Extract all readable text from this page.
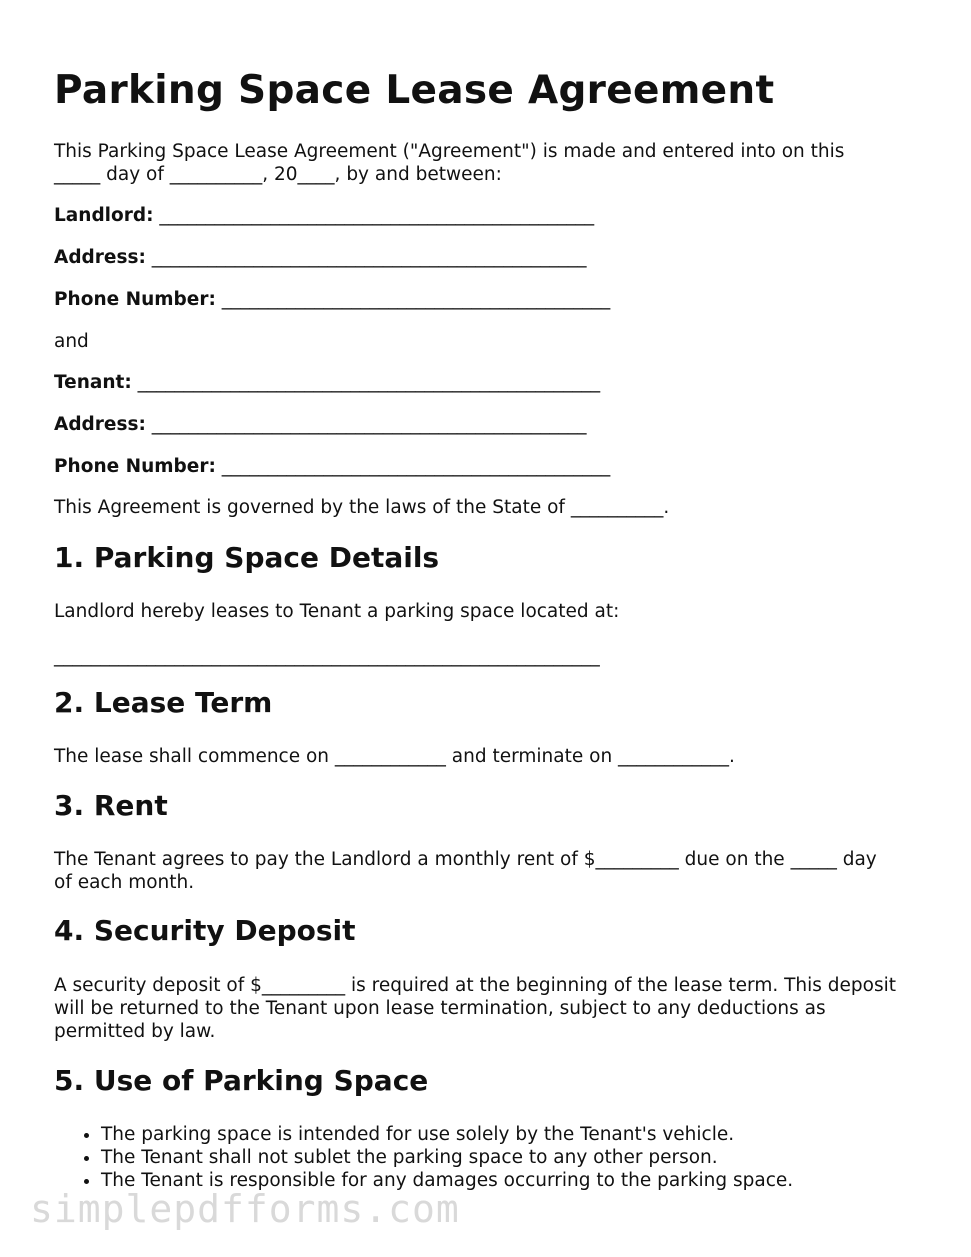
Parking Space Lease Agreement
This Parking Space Lease Agreement ("Agreement") is made and entered into on this
_____ day of __________, 20____, by and between:
Landlord: _______________________________________________
Address: _______________________________________________
Phone Number: __________________________________________
and
Tenant: __________________________________________________
Address: _______________________________________________
Phone Number: __________________________________________
This Agreement is governed by the laws of the State of __________.
1. Parking Space Details
Landlord hereby leases to Tenant a parking space located at:
___________________________________________________________
2. Lease Term
The lease shall commence on ____________ and terminate on ____________.
3. Rent
The Tenant agrees to pay the Landlord a monthly rent of $_________ due on the _____ day
of each month.
4. Security Deposit
A security deposit of $_________ is required at the beginning of the lease term. This deposit
will be returned to the Tenant upon lease termination, subject to any deductions as
permitted by law.
5. Use of Parking Space
• The parking space is intended for use solely by the Tenant's vehicle.
• The Tenant shall not sublet the parking space to any other person.
• The Tenant is responsible for any damages occurring to the parking space.
simplepdfforms.com
